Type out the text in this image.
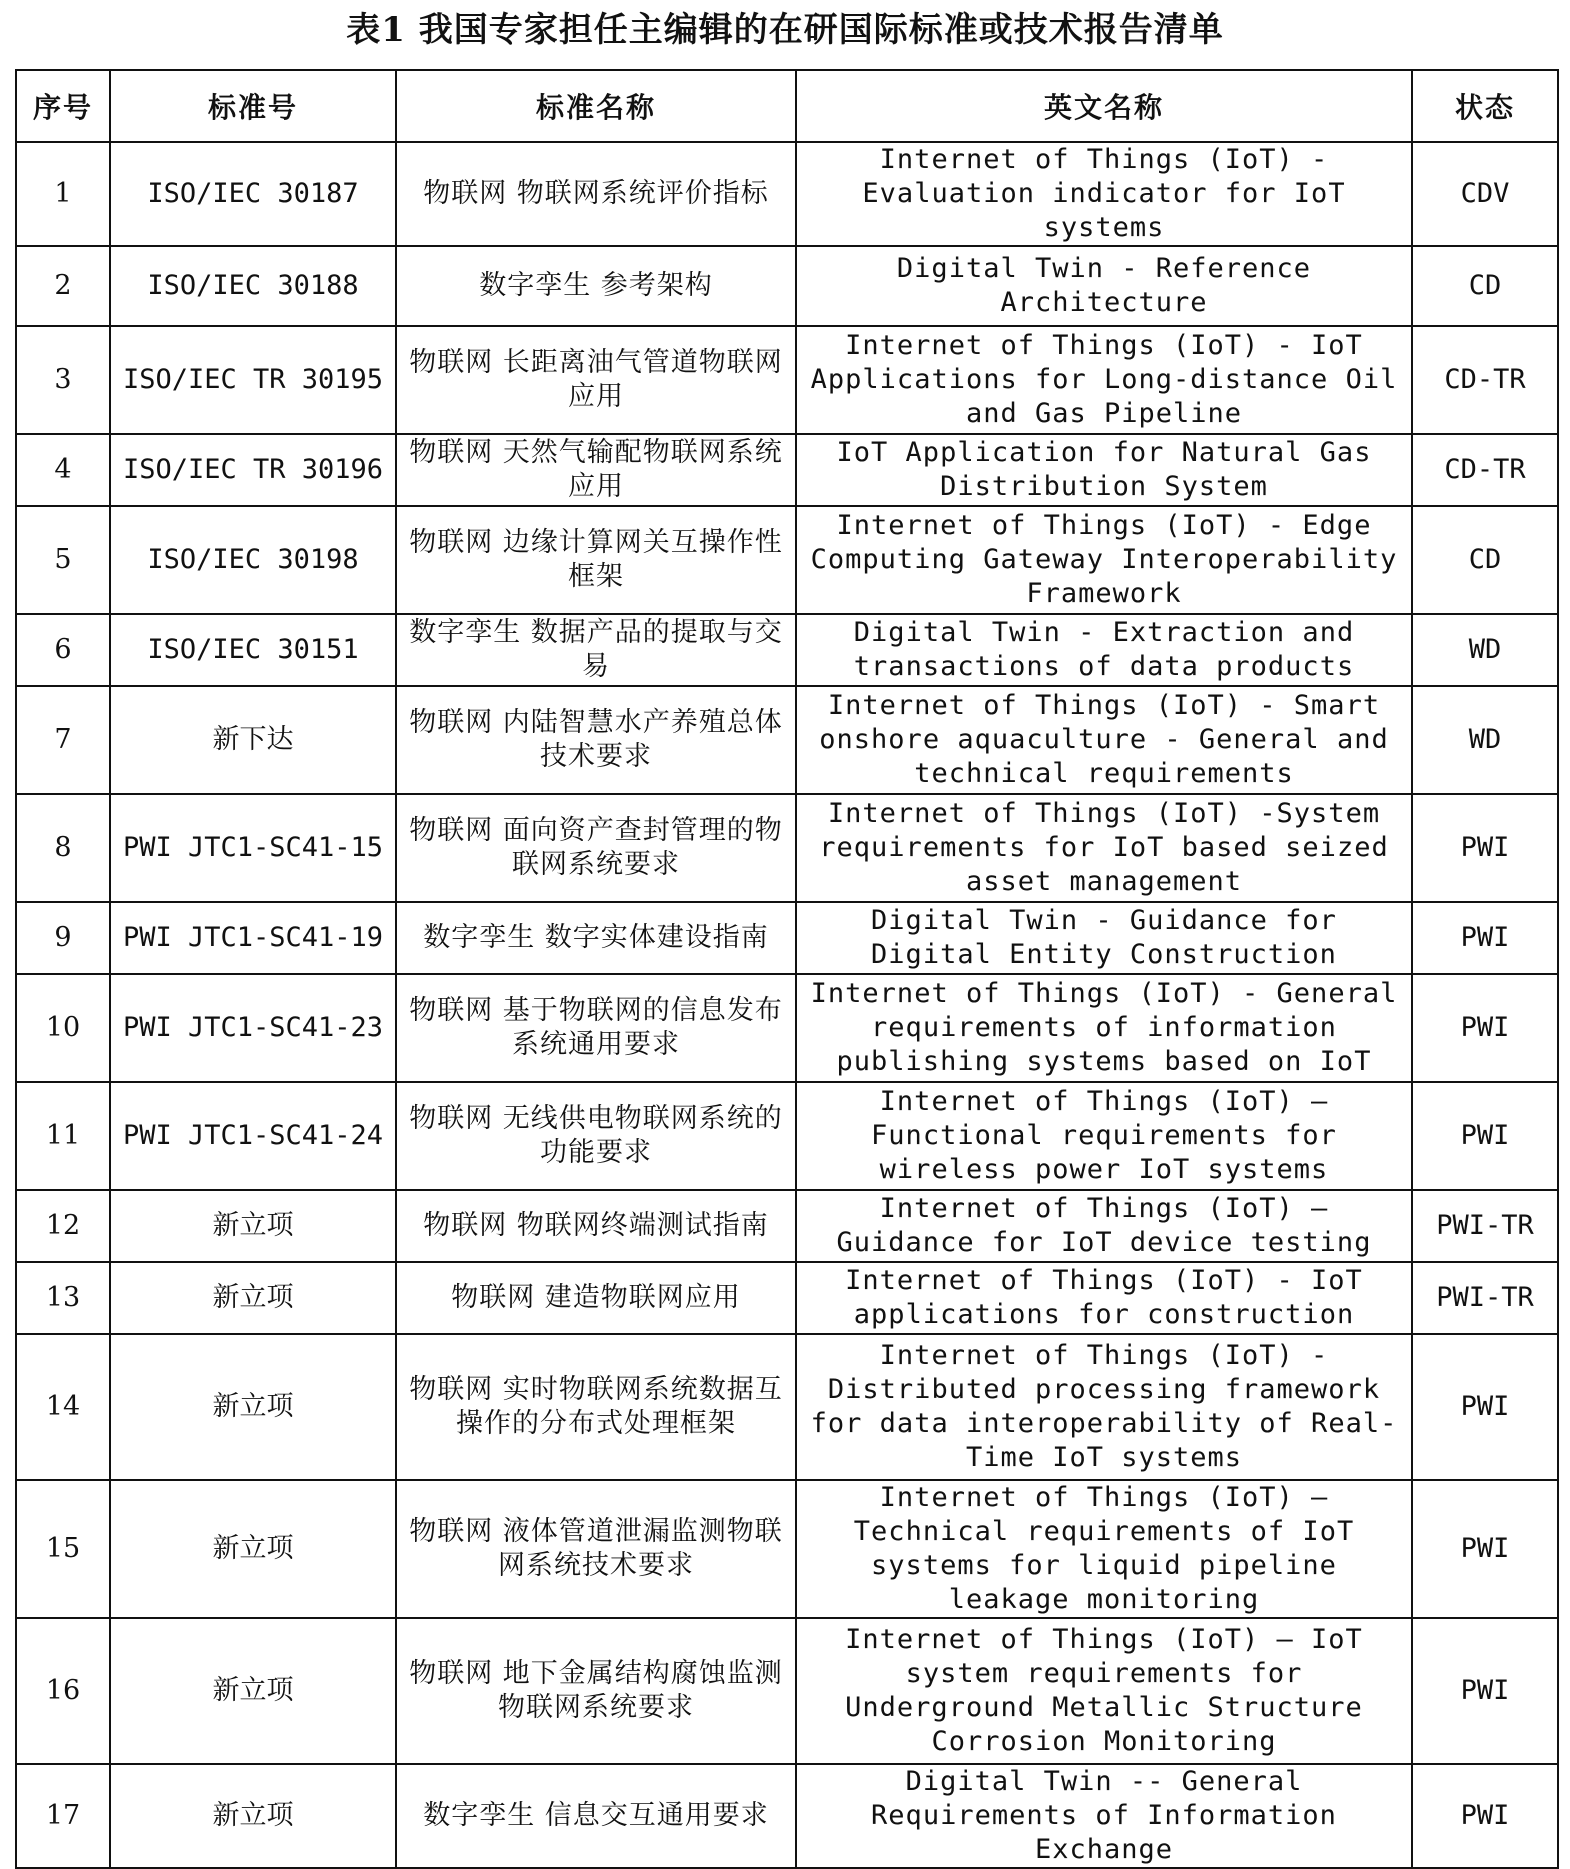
表1 我国专家担任主编辑的在研国际标准或技术报告清单
序号	标准号	标准名称	英文名称	状态
1	ISO/IEC 30187	物联网 物联网系统评价指标	Internet of Things (IoT) - Evaluation indicator for IoT systems	CDV
2	ISO/IEC 30188	数字孪生 参考架构	Digital Twin - Reference Architecture	CD
3	ISO/IEC TR 30195	物联网 长距离油气管道物联网应用	Internet of Things (IoT) - IoT Applications for Long-distance Oil and Gas Pipeline	CD-TR
4	ISO/IEC TR 30196	物联网 天然气输配物联网系统应用	IoT Application for Natural Gas Distribution System	CD-TR
5	ISO/IEC 30198	物联网 边缘计算网关互操作性框架	Internet of Things (IoT) - Edge Computing Gateway Interoperability Framework	CD
6	ISO/IEC 30151	数字孪生 数据产品的提取与交易	Digital Twin - Extraction and transactions of data products	WD
7	新下达	物联网 内陆智慧水产养殖总体技术要求	Internet of Things (IoT) - Smart onshore aquaculture - General and technical requirements	WD
8	PWI JTC1-SC41-15	物联网 面向资产查封管理的物联网系统要求	Internet of Things (IoT) -System requirements for IoT based seized asset management	PWI
9	PWI JTC1-SC41-19	数字孪生 数字实体建设指南	Digital Twin - Guidance for Digital Entity Construction	PWI
10	PWI JTC1-SC41-23	物联网 基于物联网的信息发布系统通用要求	Internet of Things (IoT) - General requirements of information publishing systems based on IoT	PWI
11	PWI JTC1-SC41-24	物联网 无线供电物联网系统的功能要求	Internet of Things (IoT) — Functional requirements for wireless power IoT systems	PWI
12	新立项	物联网 物联网终端测试指南	Internet of Things (IoT) — Guidance for IoT device testing	PWI-TR
13	新立项	物联网 建造物联网应用	Internet of Things (IoT) - IoT applications for construction	PWI-TR
14	新立项	物联网 实时物联网系统数据互操作的分布式处理框架	Internet of Things (IoT) - Distributed processing framework for data interoperability of Real-Time IoT systems	PWI
15	新立项	物联网 液体管道泄漏监测物联网系统技术要求	Internet of Things (IoT) — Technical requirements of IoT systems for liquid pipeline leakage monitoring	PWI
16	新立项	物联网 地下金属结构腐蚀监测物联网系统要求	Internet of Things (IoT) — IoT system requirements for Underground Metallic Structure Corrosion Monitoring	PWI
17	新立项	数字孪生 信息交互通用要求	Digital Twin -- General Requirements of Information Exchange	PWI
